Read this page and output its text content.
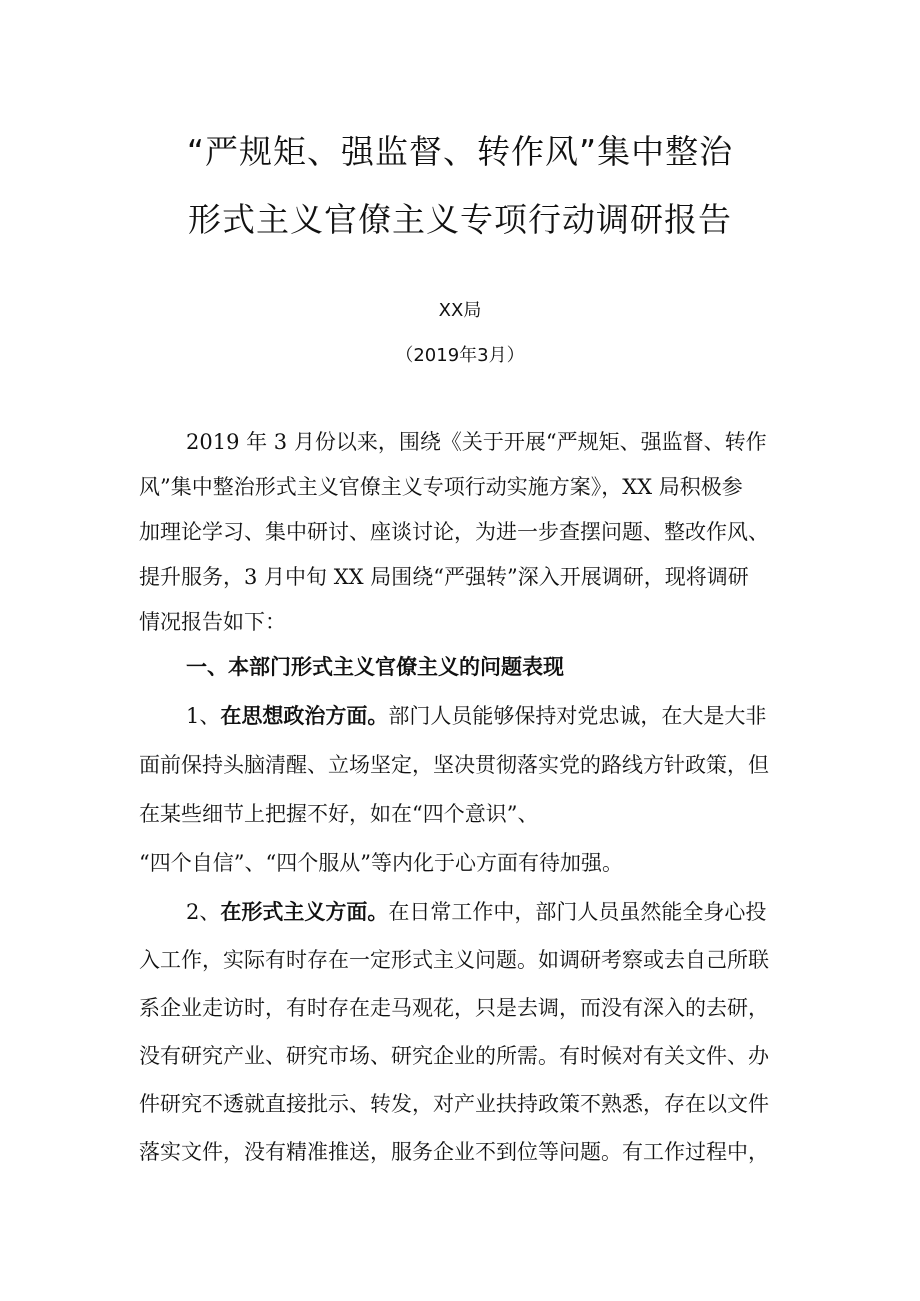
“严规矩、强监督、转作风”集中整治
形式主义官僚主义专项行动调研报告
XX局
（2019年3月）
2019 年 3 月份以来，围绕《关于开展“严规矩、强监督、转作
风”集中整治形式主义官僚主义专项行动实施方案》，XX 局积极参
加理论学习、集中研讨、座谈讨论，为进一步查摆问题、整改作风、
提升服务，3 月中旬 XX 局围绕“严强转”深入开展调研，现将调研
情况报告如下：
一、本部门形式主义官僚主义的问题表现
1、在思想政治方面。部门人员能够保持对党忠诚，在大是大非
面前保持头脑清醒、立场坚定，坚决贯彻落实党的路线方针政策，但
在某些细节上把握不好，如在“四个意识”、
“四个自信”、“四个服从”等内化于心方面有待加强。
2、在形式主义方面。在日常工作中，部门人员虽然能全身心投
入工作，实际有时存在一定形式主义问题。如调研考察或去自己所联
系企业走访时，有时存在走马观花，只是去调，而没有深入的去研，
没有研究产业、研究市场、研究企业的所需。有时候对有关文件、办
件研究不透就直接批示、转发，对产业扶持政策不熟悉，存在以文件
落实文件，没有精准推送，服务企业不到位等问题。有工作过程中，
